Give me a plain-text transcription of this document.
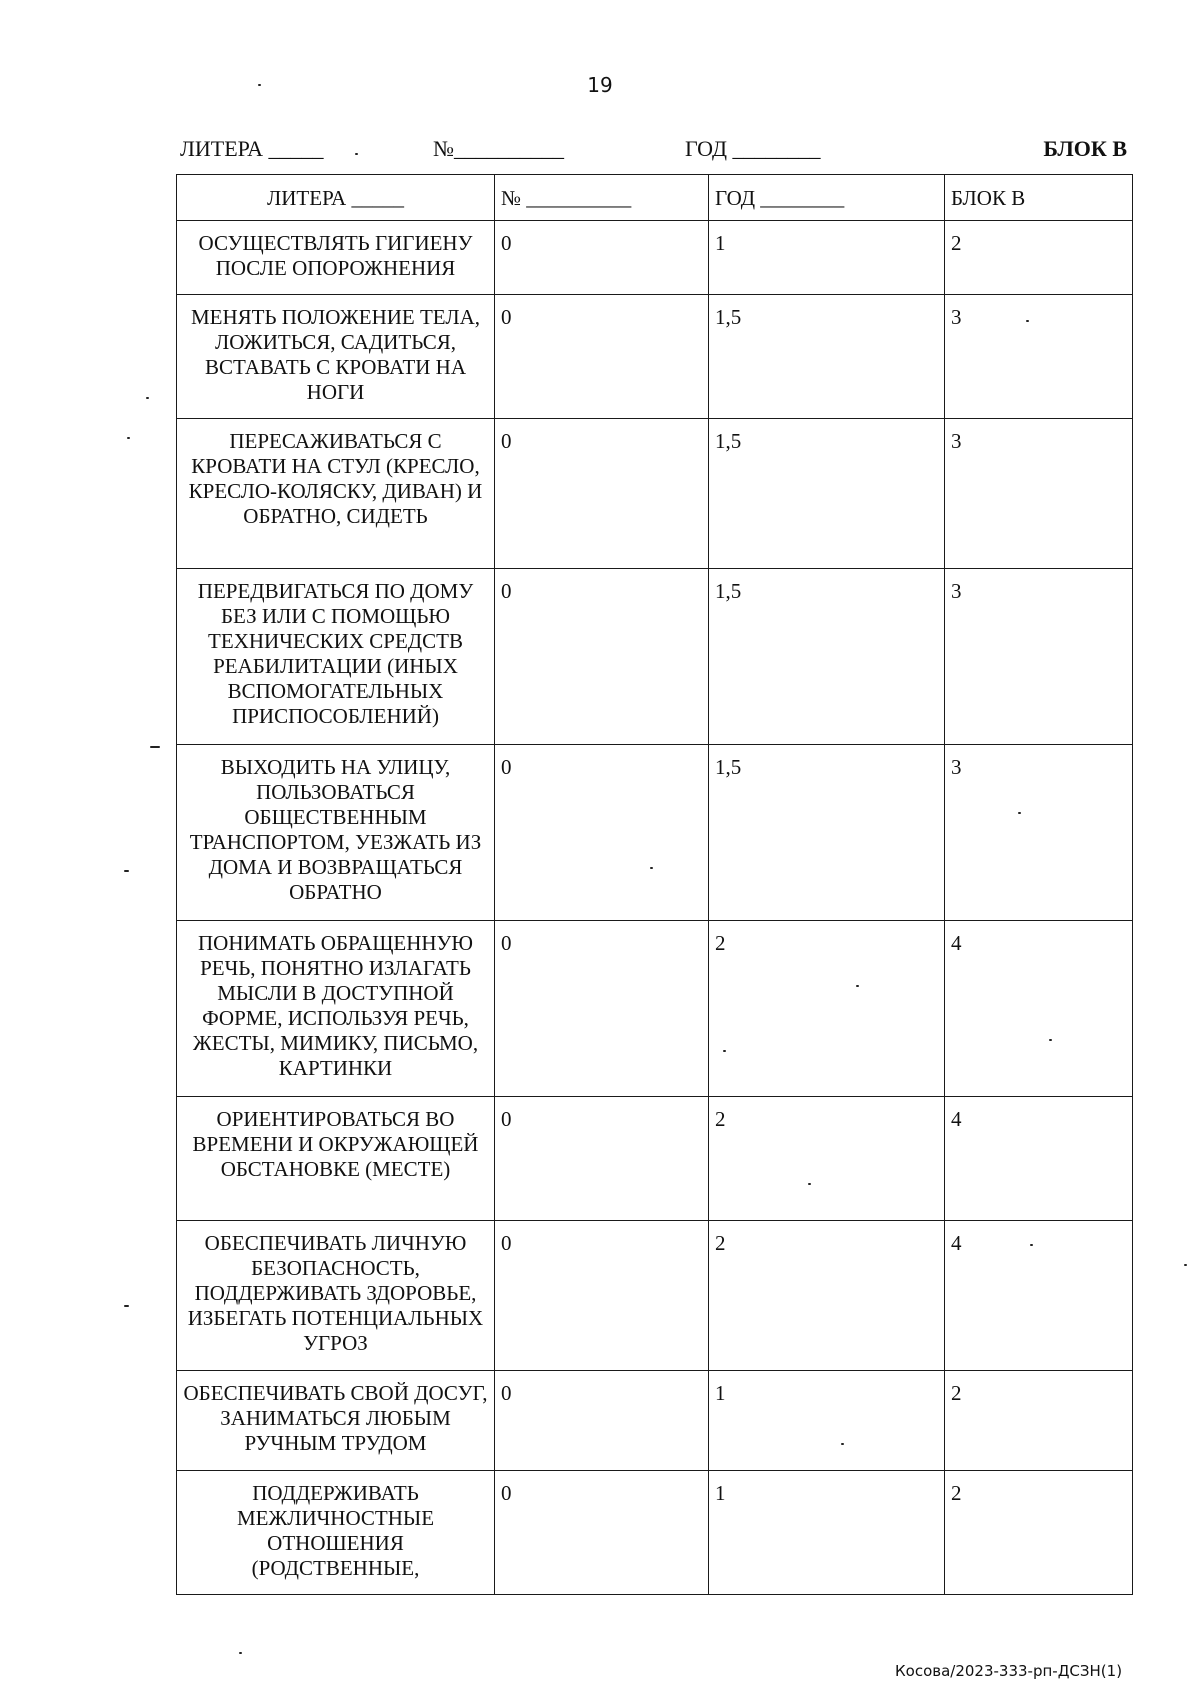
19
ЛИТЕРА _____	№__________	ГОД ________	БЛОК В
ЛИТЕРА _____	№ __________	ГОД ________	БЛОК В
ОСУЩЕСТВЛЯТЬ ГИГИЕНУ ПОСЛЕ ОПОРОЖНЕНИЯ	0	1	2
МЕНЯТЬ ПОЛОЖЕНИЕ ТЕЛА, ЛОЖИТЬСЯ, САДИТЬСЯ, ВСТАВАТЬ С КРОВАТИ НА НОГИ	0	1,5	3
ПЕРЕСАЖИВАТЬСЯ С КРОВАТИ НА СТУЛ (КРЕСЛО, КРЕСЛО-КОЛЯСКУ, ДИВАН) И ОБРАТНО, СИДЕТЬ	0	1,5	3
ПЕРЕДВИГАТЬСЯ ПО ДОМУ БЕЗ ИЛИ С ПОМОЩЬЮ ТЕХНИЧЕСКИХ СРЕДСТВ РЕАБИЛИТАЦИИ (ИНЫХ ВСПОМОГАТЕЛЬНЫХ ПРИСПОСОБЛЕНИЙ)	0	1,5	3
ВЫХОДИТЬ НА УЛИЦУ, ПОЛЬЗОВАТЬСЯ ОБЩЕСТВЕННЫМ ТРАНСПОРТОМ, УЕЗЖАТЬ ИЗ ДОМА И ВОЗВРАЩАТЬСЯ ОБРАТНО	0	1,5	3
ПОНИМАТЬ ОБРАЩЕННУЮ РЕЧЬ, ПОНЯТНО ИЗЛАГАТЬ МЫСЛИ В ДОСТУПНОЙ ФОРМЕ, ИСПОЛЬЗУЯ РЕЧЬ, ЖЕСТЫ, МИМИКУ, ПИСЬМО, КАРТИНКИ	0	2	4
ОРИЕНТИРОВАТЬСЯ ВО ВРЕМЕНИ И ОКРУЖАЮЩЕЙ ОБСТАНОВКЕ (МЕСТЕ)	0	2	4
ОБЕСПЕЧИВАТЬ ЛИЧНУЮ БЕЗОПАСНОСТЬ, ПОДДЕРЖИВАТЬ ЗДОРОВЬЕ, ИЗБЕГАТЬ ПОТЕНЦИАЛЬНЫХ УГРОЗ	0	2	4
ОБЕСПЕЧИВАТЬ СВОЙ ДОСУГ, ЗАНИМАТЬСЯ ЛЮБЫМ РУЧНЫМ ТРУДОМ	0	1	2
ПОДДЕРЖИВАТЬ МЕЖЛИЧНОСТНЫЕ ОТНОШЕНИЯ (РОДСТВЕННЫЕ,	0	1	2
Косова/2023-333-рп-ДСЗН(1)
